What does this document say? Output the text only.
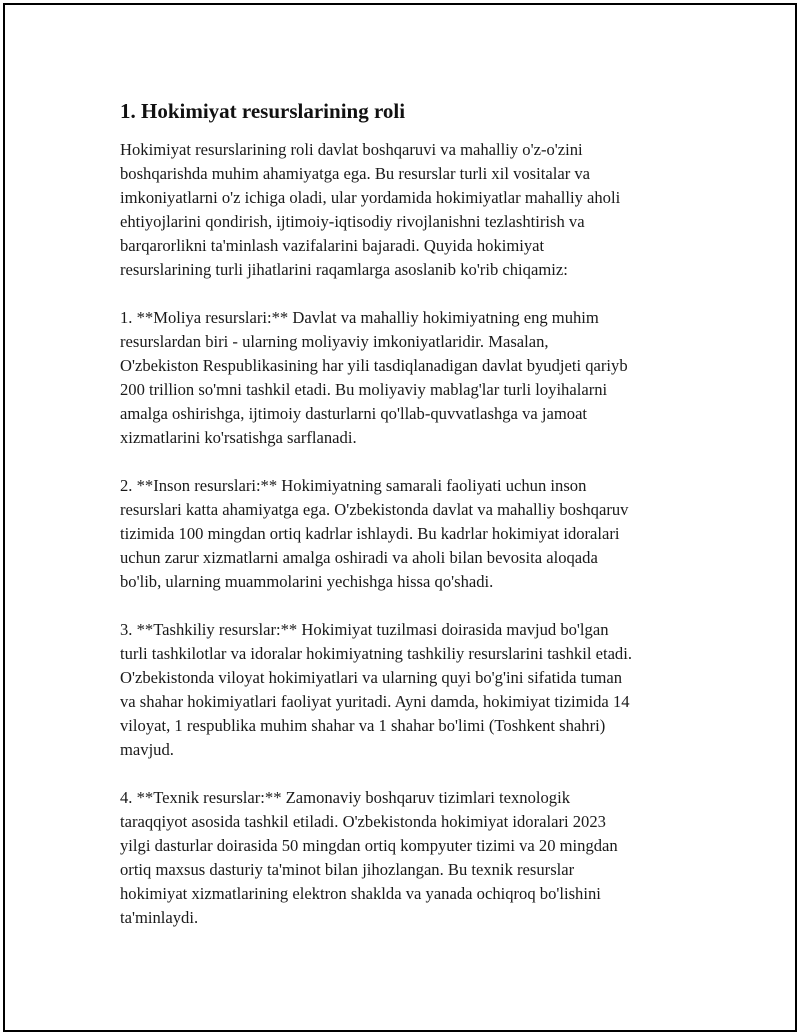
1. Hokimiyat resurslarining roli
Hokimiyat resurslarining roli davlat boshqaruvi va mahalliy o'z-o'zini
boshqarishda muhim ahamiyatga ega. Bu resurslar turli xil vositalar va
imkoniyatlarni o'z ichiga oladi, ular yordamida hokimiyatlar mahalliy aholi
ehtiyojlarini qondirish, ijtimoiy-iqtisodiy rivojlanishni tezlashtirish va
barqarorlikni ta'minlash vazifalarini bajaradi. Quyida hokimiyat
resurslarining turli jihatlarini raqamlarga asoslanib ko'rib chiqamiz:
1. **Moliya resurslari:** Davlat va mahalliy hokimiyatning eng muhim
resurslardan biri - ularning moliyaviy imkoniyatlaridir. Masalan,
O'zbekiston Respublikasining har yili tasdiqlanadigan davlat byudjeti qariyb
200 trillion so'mni tashkil etadi. Bu moliyaviy mablag'lar turli loyihalarni
amalga oshirishga, ijtimoiy dasturlarni qo'llab-quvvatlashga va jamoat
xizmatlarini ko'rsatishga sarflanadi.
2. **Inson resurslari:** Hokimiyatning samarali faoliyati uchun inson
resurslari katta ahamiyatga ega. O'zbekistonda davlat va mahalliy boshqaruv
tizimida 100 mingdan ortiq kadrlar ishlaydi. Bu kadrlar hokimiyat idoralari
uchun zarur xizmatlarni amalga oshiradi va aholi bilan bevosita aloqada
bo'lib, ularning muammolarini yechishga hissa qo'shadi.
3. **Tashkiliy resurslar:** Hokimiyat tuzilmasi doirasida mavjud bo'lgan
turli tashkilotlar va idoralar hokimiyatning tashkiliy resurslarini tashkil etadi.
O'zbekistonda viloyat hokimiyatlari va ularning quyi bo'g'ini sifatida tuman
va shahar hokimiyatlari faoliyat yuritadi. Ayni damda, hokimiyat tizimida 14
viloyat, 1 respublika muhim shahar va 1 shahar bo'limi (Toshkent shahri)
mavjud.
4. **Texnik resurslar:** Zamonaviy boshqaruv tizimlari texnologik
taraqqiyot asosida tashkil etiladi. O'zbekistonda hokimiyat idoralari 2023
yilgi dasturlar doirasida 50 mingdan ortiq kompyuter tizimi va 20 mingdan
ortiq maxsus dasturiy ta'minot bilan jihozlangan. Bu texnik resurslar
hokimiyat xizmatlarining elektron shaklda va yanada ochiqroq bo'lishini
ta'minlaydi.
